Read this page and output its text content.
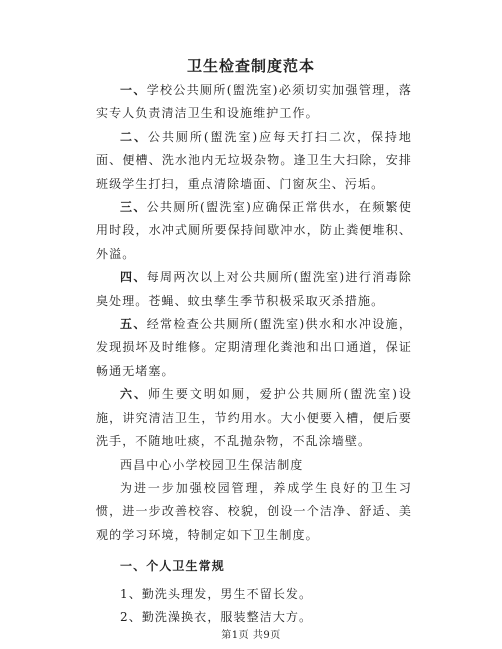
卫生检查制度范本

一、学校公共厕所(盥洗室)必须切实加强管理，落实专人负责清洁卫生和设施维护工作。

二、公共厕所(盥洗室)应每天打扫二次，保持地面、便槽、洗水池内无垃圾杂物。逢卫生大扫除，安排班级学生打扫，重点清除墙面、门窗灰尘、污垢。

三、公共厕所(盥洗室)应确保正常供水，在频繁使用时段，水冲式厕所要保持间歇冲水，防止粪便堆积、外溢。

四、每周两次以上对公共厕所(盥洗室)进行消毒除臭处理。苍蝇、蚊虫孳生季节积极采取灭杀措施。

五、经常检查公共厕所(盥洗室)供水和水冲设施，发现损坏及时维修。定期清理化粪池和出口通道，保证畅通无堵塞。

六、师生要文明如厕，爱护公共厕所(盥洗室)设施，讲究清洁卫生，节约用水。大小便要入槽，便后要洗手，不随地吐痰，不乱抛杂物，不乱涂墙壁。

西昌中心小学校园卫生保洁制度

为进一步加强校园管理，养成学生良好的卫生习惯，进一步改善校容、校貌，创设一个洁净、舒适、美观的学习环境，特制定如下卫生制度。

一、个人卫生常规

1、勤洗头理发，男生不留长发。

2、勤洗澡换衣，服装整洁大方。

第1页 共9页
